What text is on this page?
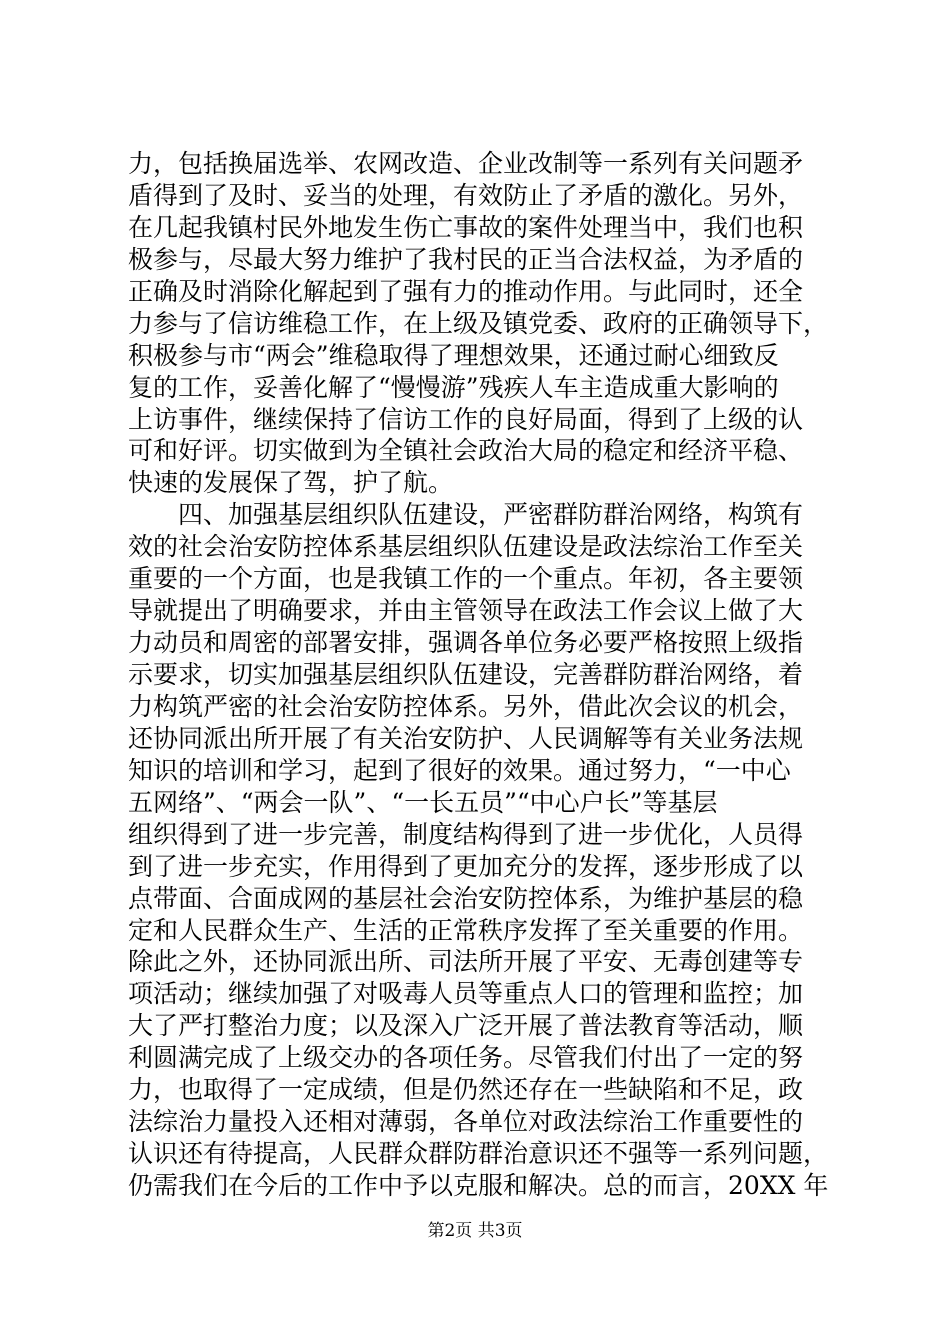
力，包括换届选举、农网改造、企业改制等一系列有关问题矛
盾得到了及时、妥当的处理，有效防止了矛盾的激化。另外，
在几起我镇村民外地发生伤亡事故的案件处理当中，我们也积
极参与，尽最大努力维护了我村民的正当合法权益，为矛盾的
正确及时消除化解起到了强有力的推动作用。与此同时，还全
力参与了信访维稳工作，在上级及镇党委、政府的正确领导下，
积极参与市“两会”维稳取得了理想效果，还通过耐心细致反
复的工作，妥善化解了“慢慢游”残疾人车主造成重大影响的
上访事件，继续保持了信访工作的良好局面，得到了上级的认
可和好评。切实做到为全镇社会政治大局的稳定和经济平稳、
快速的发展保了驾，护了航。
　　四、加强基层组织队伍建设，严密群防群治网络，构筑有
效的社会治安防控体系基层组织队伍建设是政法综治工作至关
重要的一个方面，也是我镇工作的一个重点。年初，各主要领
导就提出了明确要求，并由主管领导在政法工作会议上做了大
力动员和周密的部署安排，强调各单位务必要严格按照上级指
示要求，切实加强基层组织队伍建设，完善群防群治网络，着
力构筑严密的社会治安防控体系。另外，借此次会议的机会，
还协同派出所开展了有关治安防护、人民调解等有关业务法规
知识的培训和学习，起到了很好的效果。通过努力，“一中心
五网络”、“两会一队”、“一长五员”“中心户长”等基层
组织得到了进一步完善，制度结构得到了进一步优化，人员得
到了进一步充实，作用得到了更加充分的发挥，逐步形成了以
点带面、合面成网的基层社会治安防控体系，为维护基层的稳
定和人民群众生产、生活的正常秩序发挥了至关重要的作用。
除此之外，还协同派出所、司法所开展了平安、无毒创建等专
项活动；继续加强了对吸毒人员等重点人口的管理和监控；加
大了严打整治力度；以及深入广泛开展了普法教育等活动，顺
利圆满完成了上级交办的各项任务。尽管我们付出了一定的努
力，也取得了一定成绩，但是仍然还存在一些缺陷和不足，政
法综治力量投入还相对薄弱，各单位对政法综治工作重要性的
认识还有待提高，人民群众群防群治意识还不强等一系列问题，
仍需我们在今后的工作中予以克服和解决。总的而言，20XX 年
第2页 共3页
